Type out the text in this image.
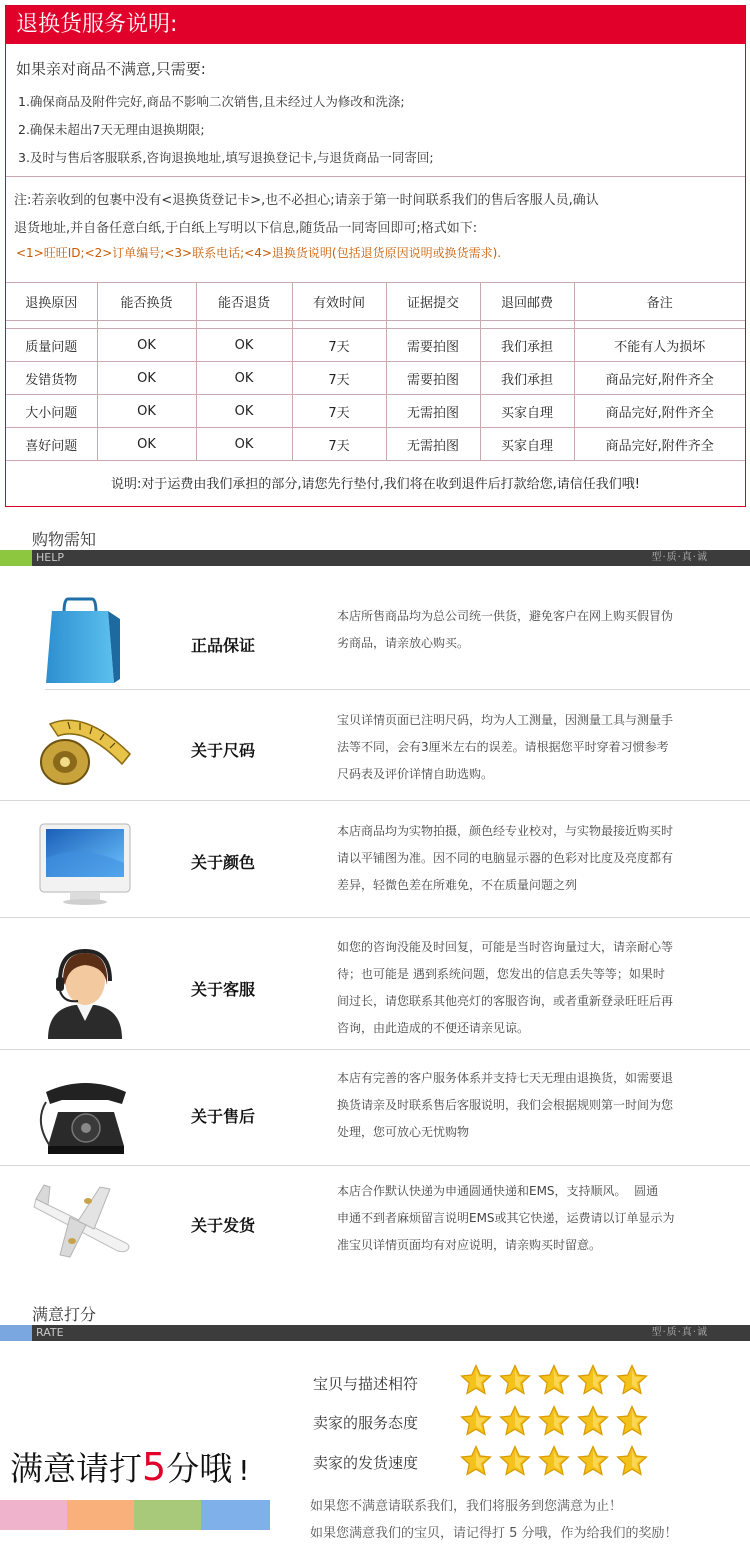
退换货服务说明:
如果亲对商品不满意,只需要:
1.确保商品及附件完好,商品不影响二次销售,且未经过人为修改和洗涤;
2.确保未超出7天无理由退换期限;
3.及时与售后客服联系,咨询退换地址,填写退换登记卡,与退货商品一同寄回;
注:若亲收到的包裹中没有<退换货登记卡>,也不必担心;请亲于第一时间联系我们的售后客服人员,确认
退货地址,并自备任意白纸,于白纸上写明以下信息,随货品一同寄回即可;格式如下:
<1>旺旺ID;<2>订单编号;<3>联系电话;<4>退换货说明(包括退货原因说明或换货需求).
退换原因	能否换货	能否退货	有效时间	证据提交	退回邮费	备注

质量问题	OK	OK	7天	需要拍图	我们承担	不能有人为损坏
发错货物	OK	OK	7天	需要拍图	我们承担	商品完好,附件齐全
大小问题	OK	OK	7天	无需拍图	买家自理	商品完好,附件齐全
喜好问题	OK	OK	7天	无需拍图	买家自理	商品完好,附件齐全
说明:对于运费由我们承担的部分,请您先行垫付,我们将在收到退件后打款给您,请信任我们哦!
购物需知
HELP	型·质·真·诚
正品保证
本店所售商品均为总公司统一供货，避免客户在网上购买假冒伪
劣商品，请亲放心购买。
关于尺码
宝贝详情页面已注明尺码，均为人工测量，因测量工具与测量手
法等不同，会有3厘米左右的误差。请根据您平时穿着习惯参考
尺码表及评价详情自助选购。
关于颜色
本店商品均为实物拍摄，颜色经专业校对，与实物最接近购买时
请以平铺图为准。因不同的电脑显示器的色彩对比度及亮度都有
差异，轻微色差在所难免，不在质量问题之列
关于客服
如您的咨询没能及时回复，可能是当时咨询量过大，请亲耐心等
待；也可能是 遇到系统问题，您发出的信息丢失等等；如果时
间过长，请您联系其他亮灯的客服咨询，或者重新登录旺旺后再
咨询，由此造成的不便还请亲见谅。
关于售后
本店有完善的客户服务体系并支持七天无理由退换货，如需要退
换货请亲及时联系售后客服说明，我们会根据规则第一时间为您
处理，您可放心无忧购物
关于发货
本店合作默认快递为申通圆通快递和EMS，支持顺风。  圆通
申通不到者麻烦留言说明EMS或其它快递，运费请以订单显示为
准宝贝详情页面均有对应说明，请亲购买时留意。
满意打分
RATE	型·质·真·诚
宝贝与描述相符
卖家的服务态度
卖家的发货速度
满意请打5分哦 !
如果您不满意请联系我们，我们将服务到您满意为止！
如果您满意我们的宝贝，请记得打 5 分哦，作为给我们的奖励！
